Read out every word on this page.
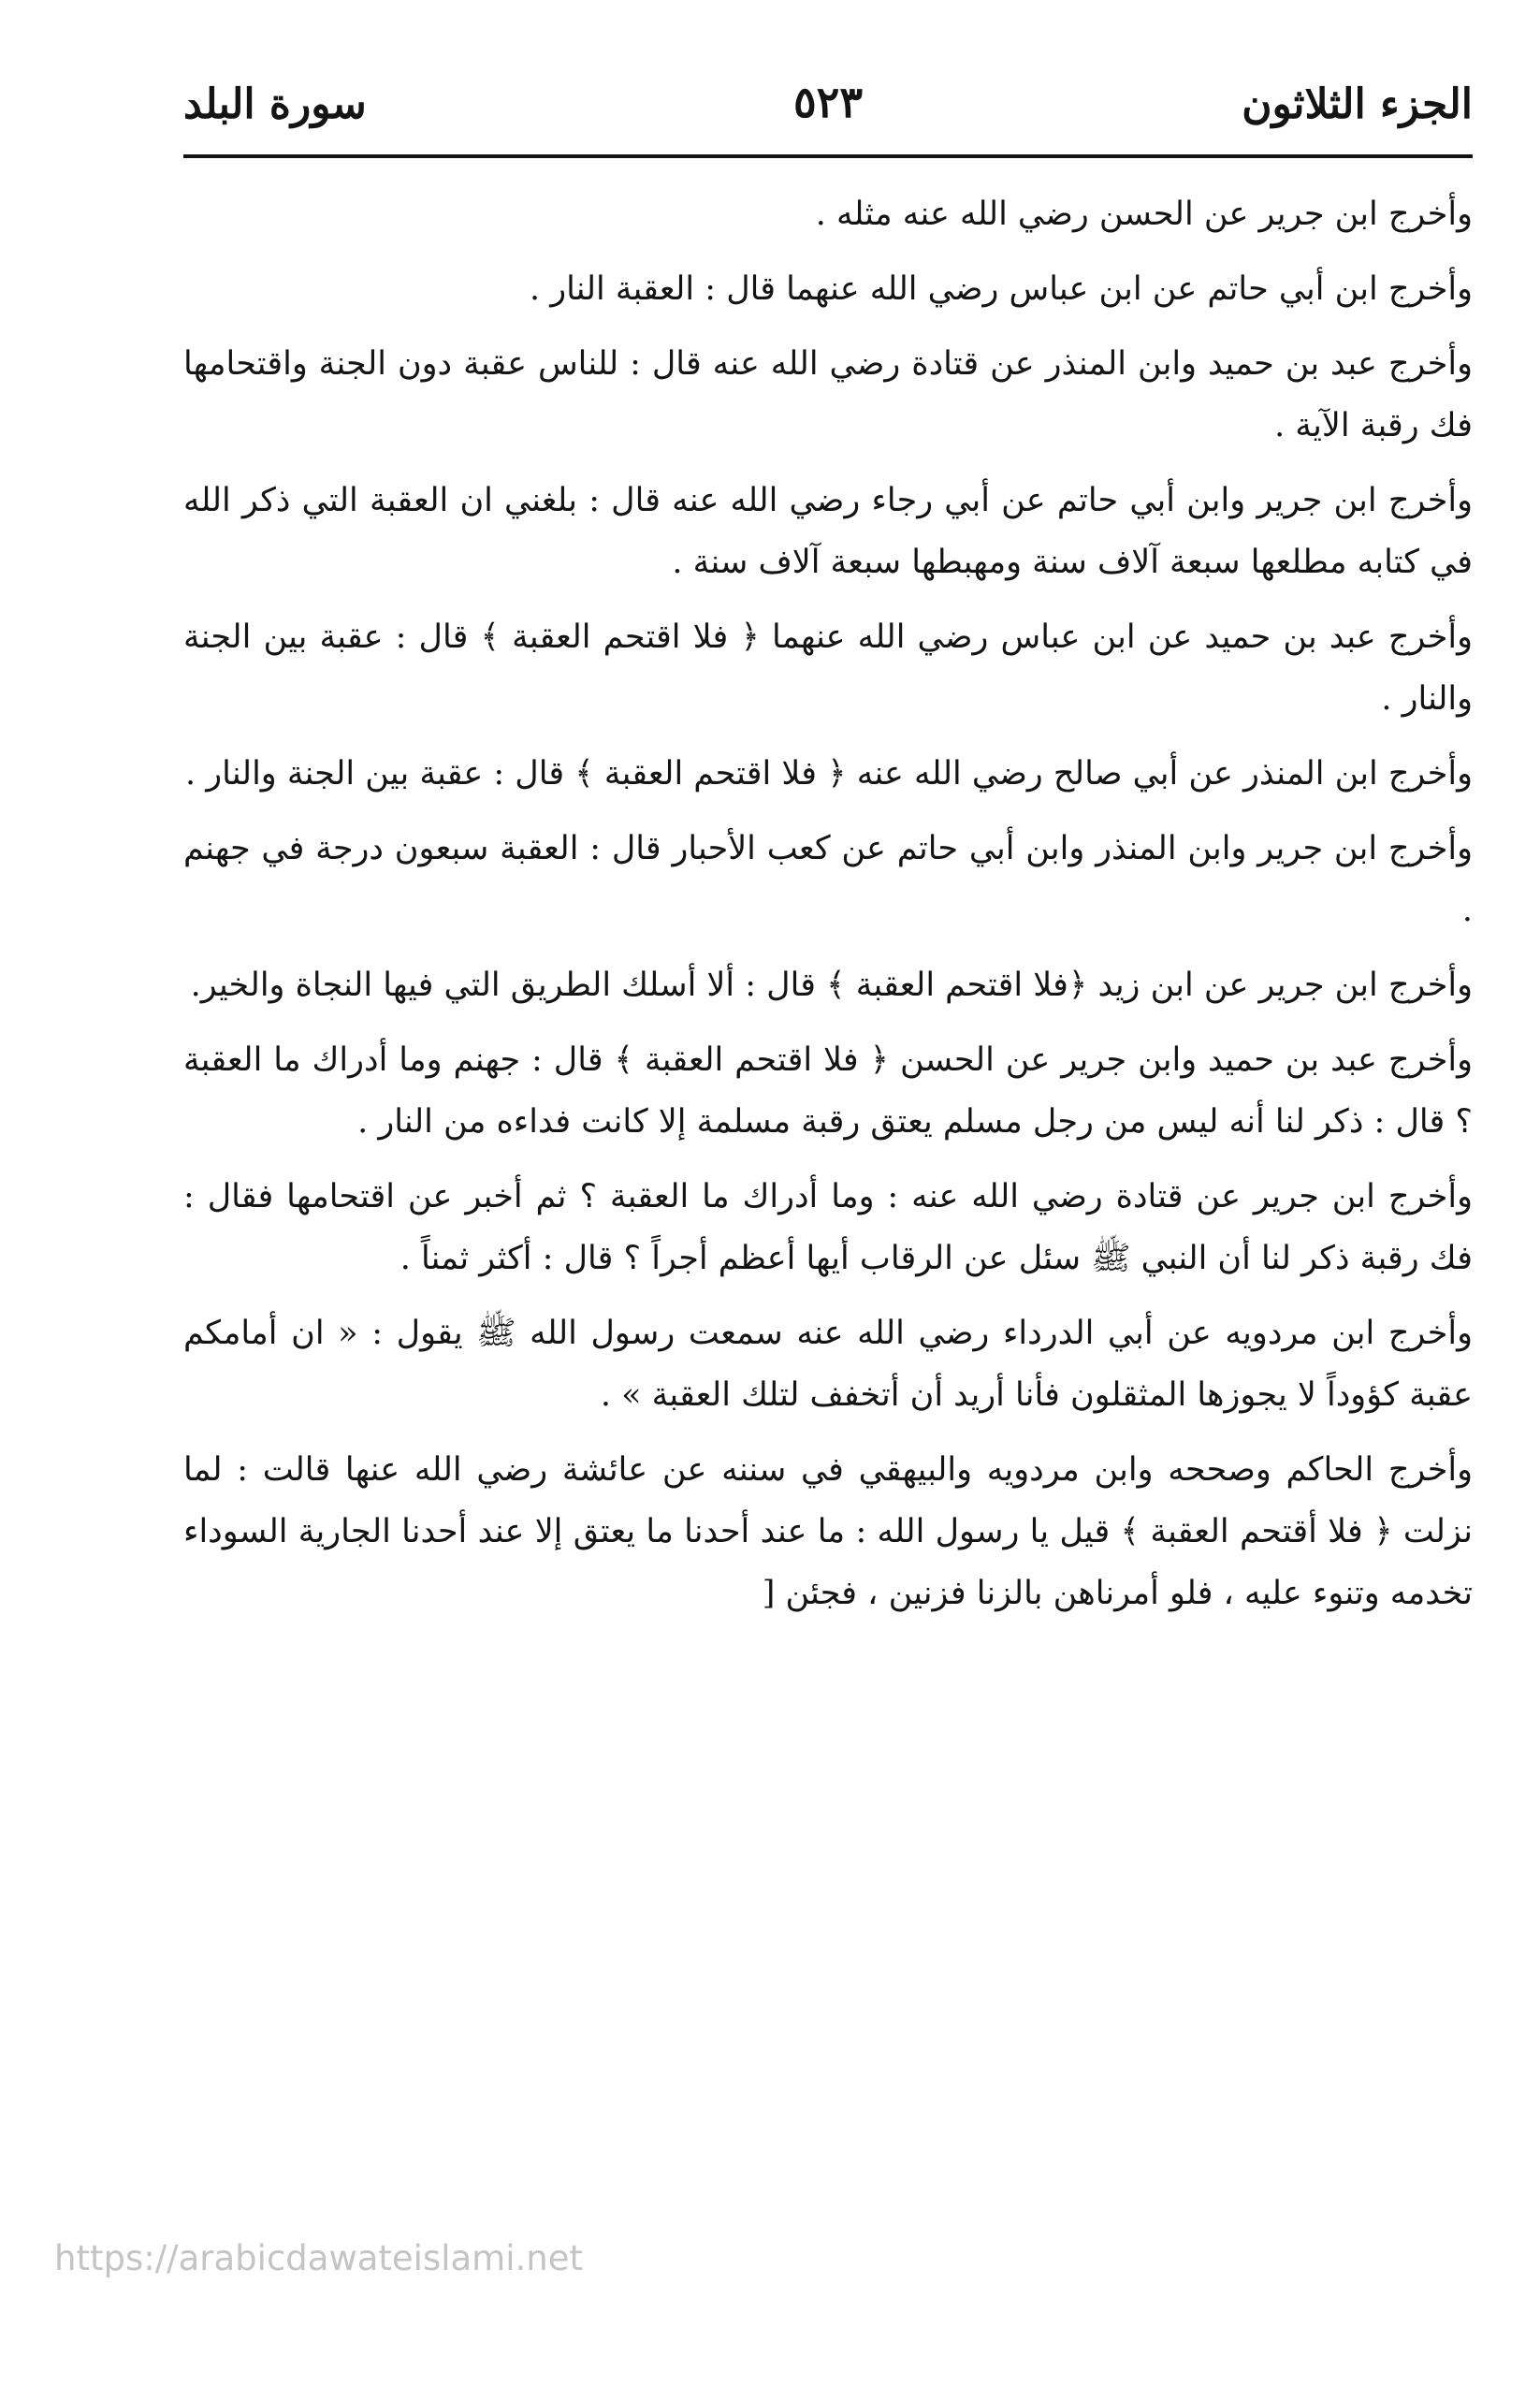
الجزء الثلاثون
٥٢٣
سورة البلد

وأخرج ابن جرير عن الحسن رضي الله عنه مثله .

وأخرج ابن أبي حاتم عن ابن عباس رضي الله عنهما قال : العقبة النار .

وأخرج عبد بن حميد وابن المنذر عن قتادة رضي الله عنه قال : للناس عقبة دون الجنة واقتحامها فك رقبة الآية .

وأخرج ابن جرير وابن أبي حاتم عن أبي رجاء رضي الله عنه قال : بلغني ان العقبة التي ذكر الله في كتابه مطلعها سبعة آلاف سنة ومهبطها سبعة آلاف سنة .

وأخرج عبد بن حميد عن ابن عباس رضي الله عنهما ﴿ فلا اقتحم العقبة ﴾ قال : عقبة بين الجنة والنار .

وأخرج ابن المنذر عن أبي صالح رضي الله عنه ﴿ فلا اقتحم العقبة ﴾ قال : عقبة بين الجنة والنار .

وأخرج ابن جرير وابن المنذر وابن أبي حاتم عن كعب الأحبار قال : العقبة سبعون درجة في جهنم .

وأخرج ابن جرير عن ابن زيد ﴿فلا اقتحم العقبة ﴾ قال : ألا أسلك الطريق التي فيها النجاة والخير.

وأخرج عبد بن حميد وابن جرير عن الحسن ﴿ فلا اقتحم العقبة ﴾ قال : جهنم وما أدراك ما العقبة ؟ قال : ذكر لنا أنه ليس من رجل مسلم يعتق رقبة مسلمة إلا كانت فداءه من النار .

وأخرج ابن جرير عن قتادة رضي الله عنه : وما أدراك ما العقبة ؟ ثم أخبر عن اقتحامها فقال : فك رقبة ذكر لنا أن النبي ﷺ سئل عن الرقاب أيها أعظم أجراً ؟ قال : أكثر ثمناً .

وأخرج ابن مردويه عن أبي الدرداء رضي الله عنه سمعت رسول الله ﷺ يقول : « ان أمامكم عقبة كؤوداً لا يجوزها المثقلون فأنا أريد أن أتخفف لتلك العقبة » .

وأخرج الحاكم وصححه وابن مردويه والبيهقي في سننه عن عائشة رضي الله عنها قالت : لما نزلت ﴿ فلا أقتحم العقبة ﴾ قيل يا رسول الله : ما عند أحدنا ما يعتق إلا عند أحدنا الجارية السوداء تخدمه وتنوء عليه ، فلو أمرناهن بالزنا فزنين ، فجئن [

https://arabicdawateislami.net
